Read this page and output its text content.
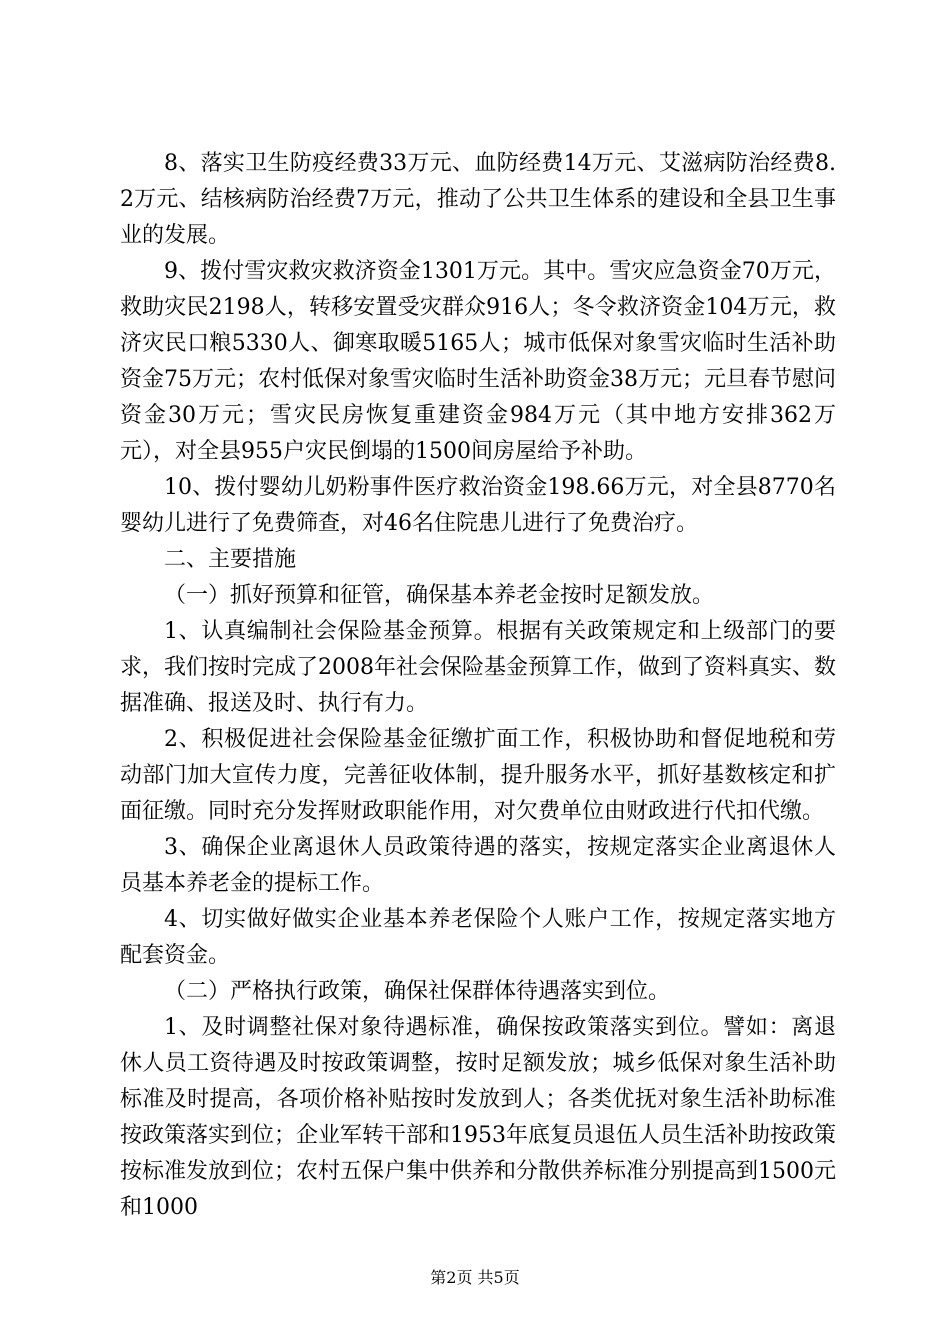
8、落实卫生防疫经费33万元、血防经费14万元、艾滋病防治经费8.2万元、结核病防治经费7万元，推动了公共卫生体系的建设和全县卫生事业的发展。

9、拨付雪灾救灾救济资金1301万元。其中。雪灾应急资金70万元，救助灾民2198人，转移安置受灾群众916人；冬令救济资金104万元，救济灾民口粮5330人、御寒取暖5165人；城市低保对象雪灾临时生活补助资金75万元；农村低保对象雪灾临时生活补助资金38万元；元旦春节慰问资金30万元；雪灾民房恢复重建资金984万元（其中地方安排362万元），对全县955户灾民倒塌的1500间房屋给予补助。

10、拨付婴幼儿奶粉事件医疗救治资金198.66万元，对全县8770名婴幼儿进行了免费筛查，对46名住院患儿进行了免费治疗。

二、主要措施

（一）抓好预算和征管，确保基本养老金按时足额发放。

1、认真编制社会保险基金预算。根据有关政策规定和上级部门的要求，我们按时完成了2008年社会保险基金预算工作，做到了资料真实、数据准确、报送及时、执行有力。

2、积极促进社会保险基金征缴扩面工作，积极协助和督促地税和劳动部门加大宣传力度，完善征收体制，提升服务水平，抓好基数核定和扩面征缴。同时充分发挥财政职能作用，对欠费单位由财政进行代扣代缴。

3、确保企业离退休人员政策待遇的落实，按规定落实企业离退休人员基本养老金的提标工作。

4、切实做好做实企业基本养老保险个人账户工作，按规定落实地方配套资金。

（二）严格执行政策，确保社保群体待遇落实到位。

1、及时调整社保对象待遇标准，确保按政策落实到位。譬如：离退休人员工资待遇及时按政策调整，按时足额发放；城乡低保对象生活补助标准及时提高，各项价格补贴按时发放到人；各类优抚对象生活补助标准按政策落实到位；企业军转干部和1953年底复员退伍人员生活补助按政策按标准发放到位；农村五保户集中供养和分散供养标准分别提高到1500元和1000

第2页 共5页
